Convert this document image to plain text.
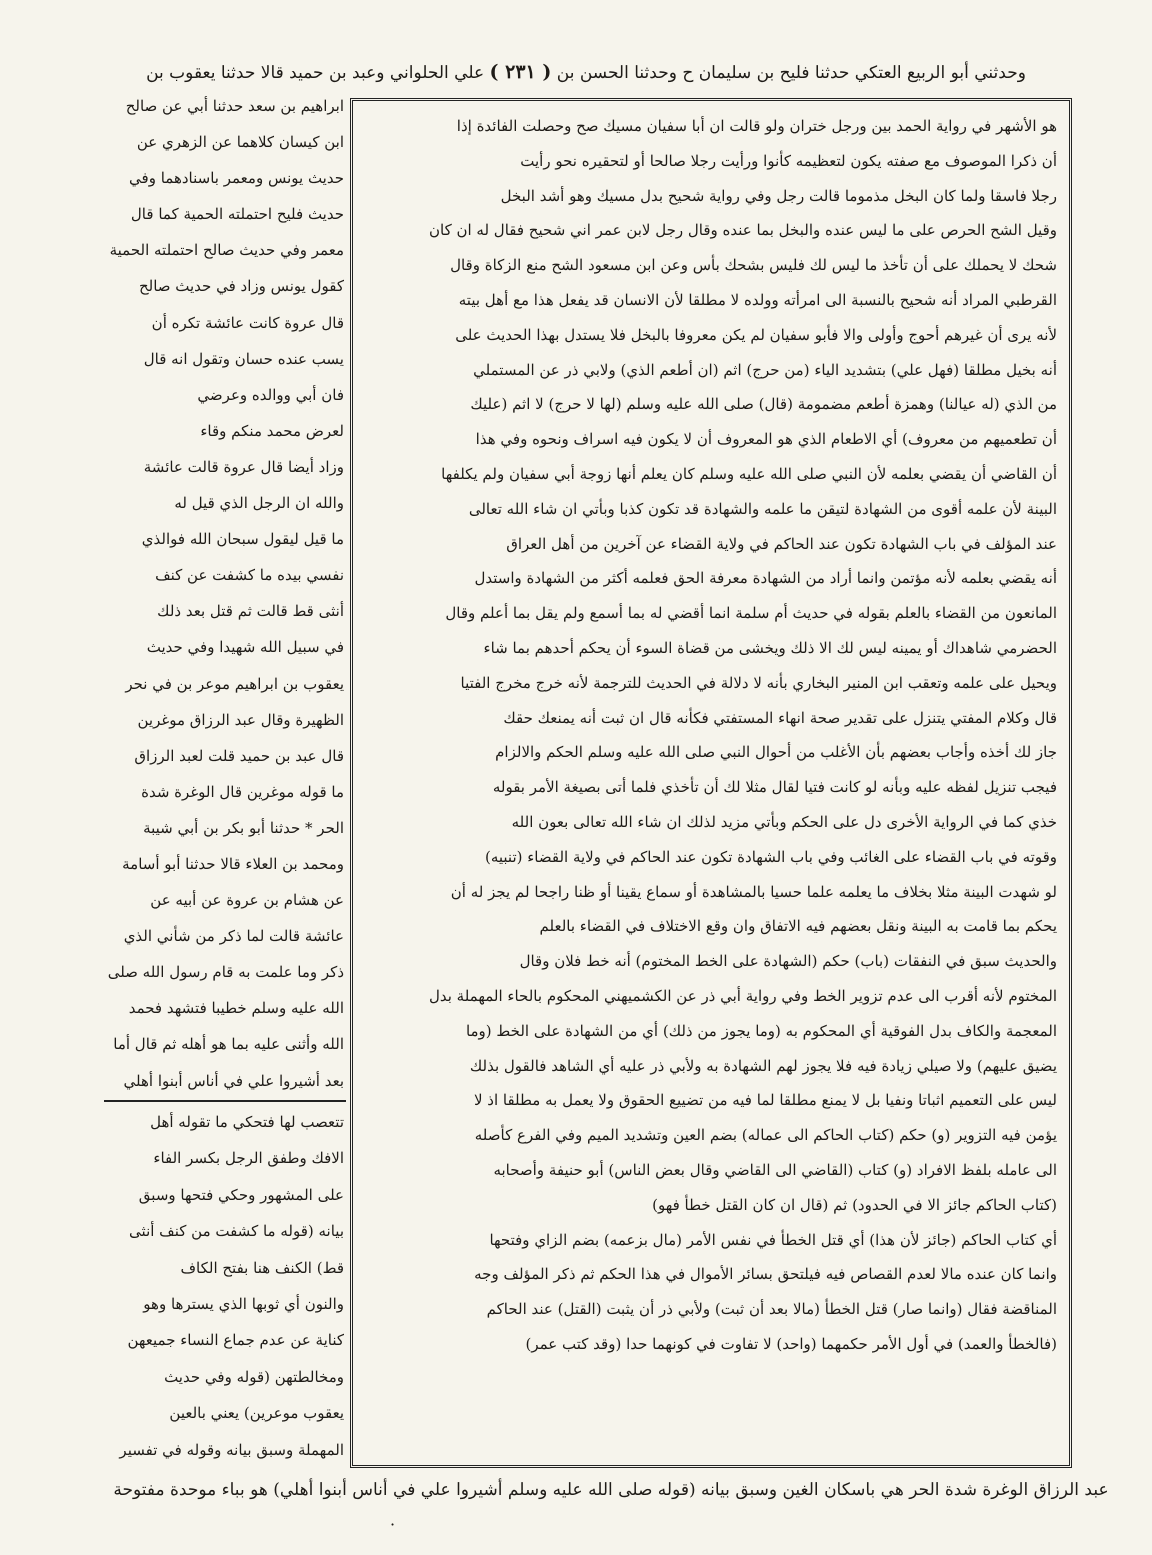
وحدثني أبو الربيع العتكي حدثنا فليح بن سليمان ح وحدثنا الحسن بن ( ٢٣١ ) علي الحلواني وعبد بن حميد قالا حدثنا يعقوب بن
هو الأشهر في رواية الحمد بين ورجل ختران ولو قالت ان أبا سفيان مسيك صح وحصلت الفائدة إذا
أن ذكرا الموصوف مع صفته يكون لتعظيمه كأنوا ورأيت رجلا صالحا أو لتحقيره نحو رأيت
رجلا فاسقا ولما كان البخل مذموما قالت رجل وفي رواية شحيح بدل مسيك وهو أشد البخل
وقيل الشح الحرص على ما ليس عنده والبخل بما عنده وقال رجل لابن عمر اني شحيح فقال له ان كان
شحك لا يحملك على أن تأخذ ما ليس لك فليس بشحك بأس وعن ابن مسعود الشح منع الزكاة وقال
القرطبي المراد أنه شحيح بالنسبة الى امرأته وولده لا مطلقا لأن الانسان قد يفعل هذا مع أهل بيته
لأنه يرى أن غيرهم أحوج وأولى والا فأبو سفيان لم يكن معروفا بالبخل فلا يستدل بهذا الحديث على
أنه بخيل مطلقا (فهل علي) بتشديد الياء (من حرج) اثم (ان أطعم الذي) ولابي ذر عن المستملي
من الذي (له عيالنا) وهمزة أطعم مضمومة (قال) صلى الله عليه وسلم (لها لا حرج) لا اثم (عليك
أن تطعميهم من معروف) أي الاطعام الذي هو المعروف أن لا يكون فيه اسراف ونحوه وفي هذا
أن القاضي أن يقضي بعلمه لأن النبي صلى الله عليه وسلم كان يعلم أنها زوجة أبي سفيان ولم يكلفها
البينة لأن علمه أقوى من الشهادة لتيقن ما علمه والشهادة قد تكون كذبا وبأتي ان شاء الله تعالى
عند المؤلف في باب الشهادة تكون عند الحاكم في ولاية القضاء عن آخرين من أهل العراق
أنه يقضي بعلمه لأنه مؤتمن وانما أراد من الشهادة معرفة الحق فعلمه أكثر من الشهادة واستدل
المانعون من القضاء بالعلم بقوله في حديث أم سلمة انما أقضي له بما أسمع ولم يقل بما أعلم وقال
الحضرمي شاهداك أو يمينه ليس لك الا ذلك ويخشى من قضاة السوء أن يحكم أحدهم بما شاء
ويحيل على علمه وتعقب ابن المنير البخاري بأنه لا دلالة في الحديث للترجمة لأنه خرج مخرج الفتيا
قال وكلام المفتي يتنزل على تقدير صحة انهاء المستفتي فكأنه قال ان ثبت أنه يمنعك حقك
جاز لك أخذه وأجاب بعضهم بأن الأغلب من أحوال النبي صلى الله عليه وسلم الحكم والالزام
فيجب تنزيل لفظه عليه وبأنه لو كانت فتيا لقال مثلا لك أن تأخذي فلما أتى بصيغة الأمر بقوله
خذي كما في الرواية الأخرى دل على الحكم وبأتي مزيد لذلك ان شاء الله تعالى بعون الله
وقوته في باب القضاء على الغائب وفي باب الشهادة تكون عند الحاكم في ولاية القضاء (تنبيه)
لو شهدت البينة مثلا بخلاف ما يعلمه علما حسيا بالمشاهدة أو سماع يقينا أو ظنا راجحا لم يجز له أن
يحكم بما قامت به البينة ونقل بعضهم فيه الاتفاق وان وقع الاختلاف في القضاء بالعلم
والحديث سبق في النفقات (باب) حكم (الشهادة على الخط المختوم) أنه خط فلان وقال
المختوم لأنه أقرب الى عدم تزوير الخط وفي رواية أبي ذر عن الكشميهني المحكوم بالحاء المهملة بدل
المعجمة والكاف بدل الفوقية أي المحكوم به (وما يجوز من ذلك) أي من الشهادة على الخط (وما
يضيق عليهم) ولا صيلي زيادة فيه فلا يجوز لهم الشهادة به ولأبي ذر عليه أي الشاهد فالقول بذلك
ليس على التعميم اثباتا ونفيا بل لا يمنع مطلقا لما فيه من تضييع الحقوق ولا يعمل به مطلقا اذ لا
يؤمن فيه التزوير (و) حكم (كتاب الحاكم الى عماله) بضم العين وتشديد الميم وفي الفرع كأصله
الى عامله بلفظ الافراد (و) كتاب (القاضي الى القاضي وقال بعض الناس) أبو حنيفة وأصحابه
(كتاب الحاكم جائز الا في الحدود) ثم (قال ان كان القتل خطأ فهو)
أي كتاب الحاكم (جائز لأن هذا) أي قتل الخطأ في نفس الأمر (مال بزعمه) بضم الزاي وفتحها
وانما كان عنده مالا لعدم القصاص فيه فيلتحق بسائر الأموال في هذا الحكم ثم ذكر المؤلف وجه
المناقضة فقال (وانما صار) قتل الخطأ (مالا بعد أن ثبت) ولأبي ذر أن يثبت (القتل) عند الحاكم
(فالخطأ والعمد) في أول الأمر حكمهما (واحد) لا تفاوت في كونهما حدا (وقد كتب عمر)
ابراهيم بن سعد حدثنا أبي عن صالح
ابن كيسان كلاهما عن الزهري عن
حديث يونس ومعمر باسنادهما وفي
حديث فليح احتملته الحمية كما قال
معمر وفي حديث صالح احتملته الحمية
كقول يونس وزاد في حديث صالح
قال عروة كانت عائشة تكره أن
يسب عنده حسان وتقول انه قال
فان أبي ووالده وعرضي
لعرض محمد منكم وقاء
وزاد أيضا قال عروة قالت عائشة
والله ان الرجل الذي قيل له
ما قيل ليقول سبحان الله فوالذي
نفسي بيده ما كشفت عن كنف
أنثى قط قالت ثم قتل بعد ذلك
في سبيل الله شهيدا وفي حديث
يعقوب بن ابراهيم موعر بن في نحر
الظهيرة وقال عبد الرزاق موغرين
قال عبد بن حميد قلت لعبد الرزاق
ما قوله موغرين قال الوغرة شدة
الحر * حدثنا أبو بكر بن أبي شيبة
ومحمد بن العلاء قالا حدثنا أبو أسامة
عن هشام بن عروة عن أبيه عن
عائشة قالت لما ذكر من شأني الذي
ذكر وما علمت به قام رسول الله صلى
الله عليه وسلم خطيبا فتشهد فحمد
الله وأثنى عليه بما هو أهله ثم قال أما
بعد أشيروا علي في أناس أبنوا أهلي
تتعصب لها فتحكي ما تقوله أهل
الافك وطفق الرجل بكسر الفاء
على المشهور وحكي فتحها وسبق
بيانه (قوله ما كشفت من كنف أنثى
قط) الكنف هنا بفتح الكاف
والنون أي ثوبها الذي يسترها وهو
كناية عن عدم جماع النساء جميعهن
ومخالطتهن (قوله وفي حديث
يعقوب موعرين) يعني بالعين
المهملة وسبق بيانه وقوله في تفسير
عبد الرزاق الوغرة شدة الحر هي باسكان الغين وسبق بيانه (قوله صلى الله عليه وسلم أشيروا علي في أناس أبنوا أهلي) هو بباء موحدة مفتوحة
·
